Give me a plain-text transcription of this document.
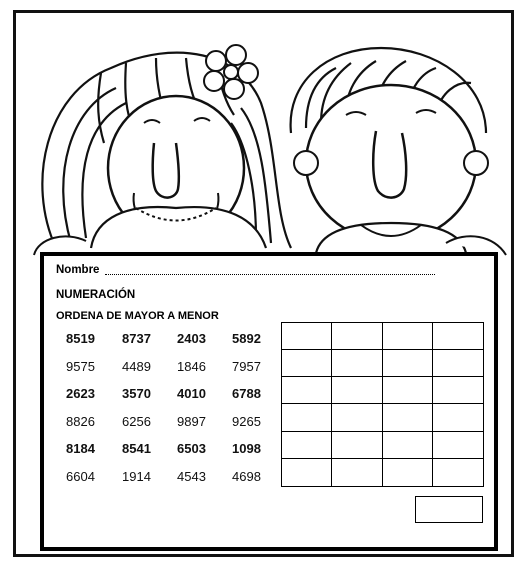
Nombre
NUMERACIÓN
ORDENA DE MAYOR A MENOR
8519	8737	2403	5892
9575	4489	1846	7957
2623	3570	4010	6788
8826	6256	9897	9265
8184	8541	6503	1098
6604	1914	4543	4698
